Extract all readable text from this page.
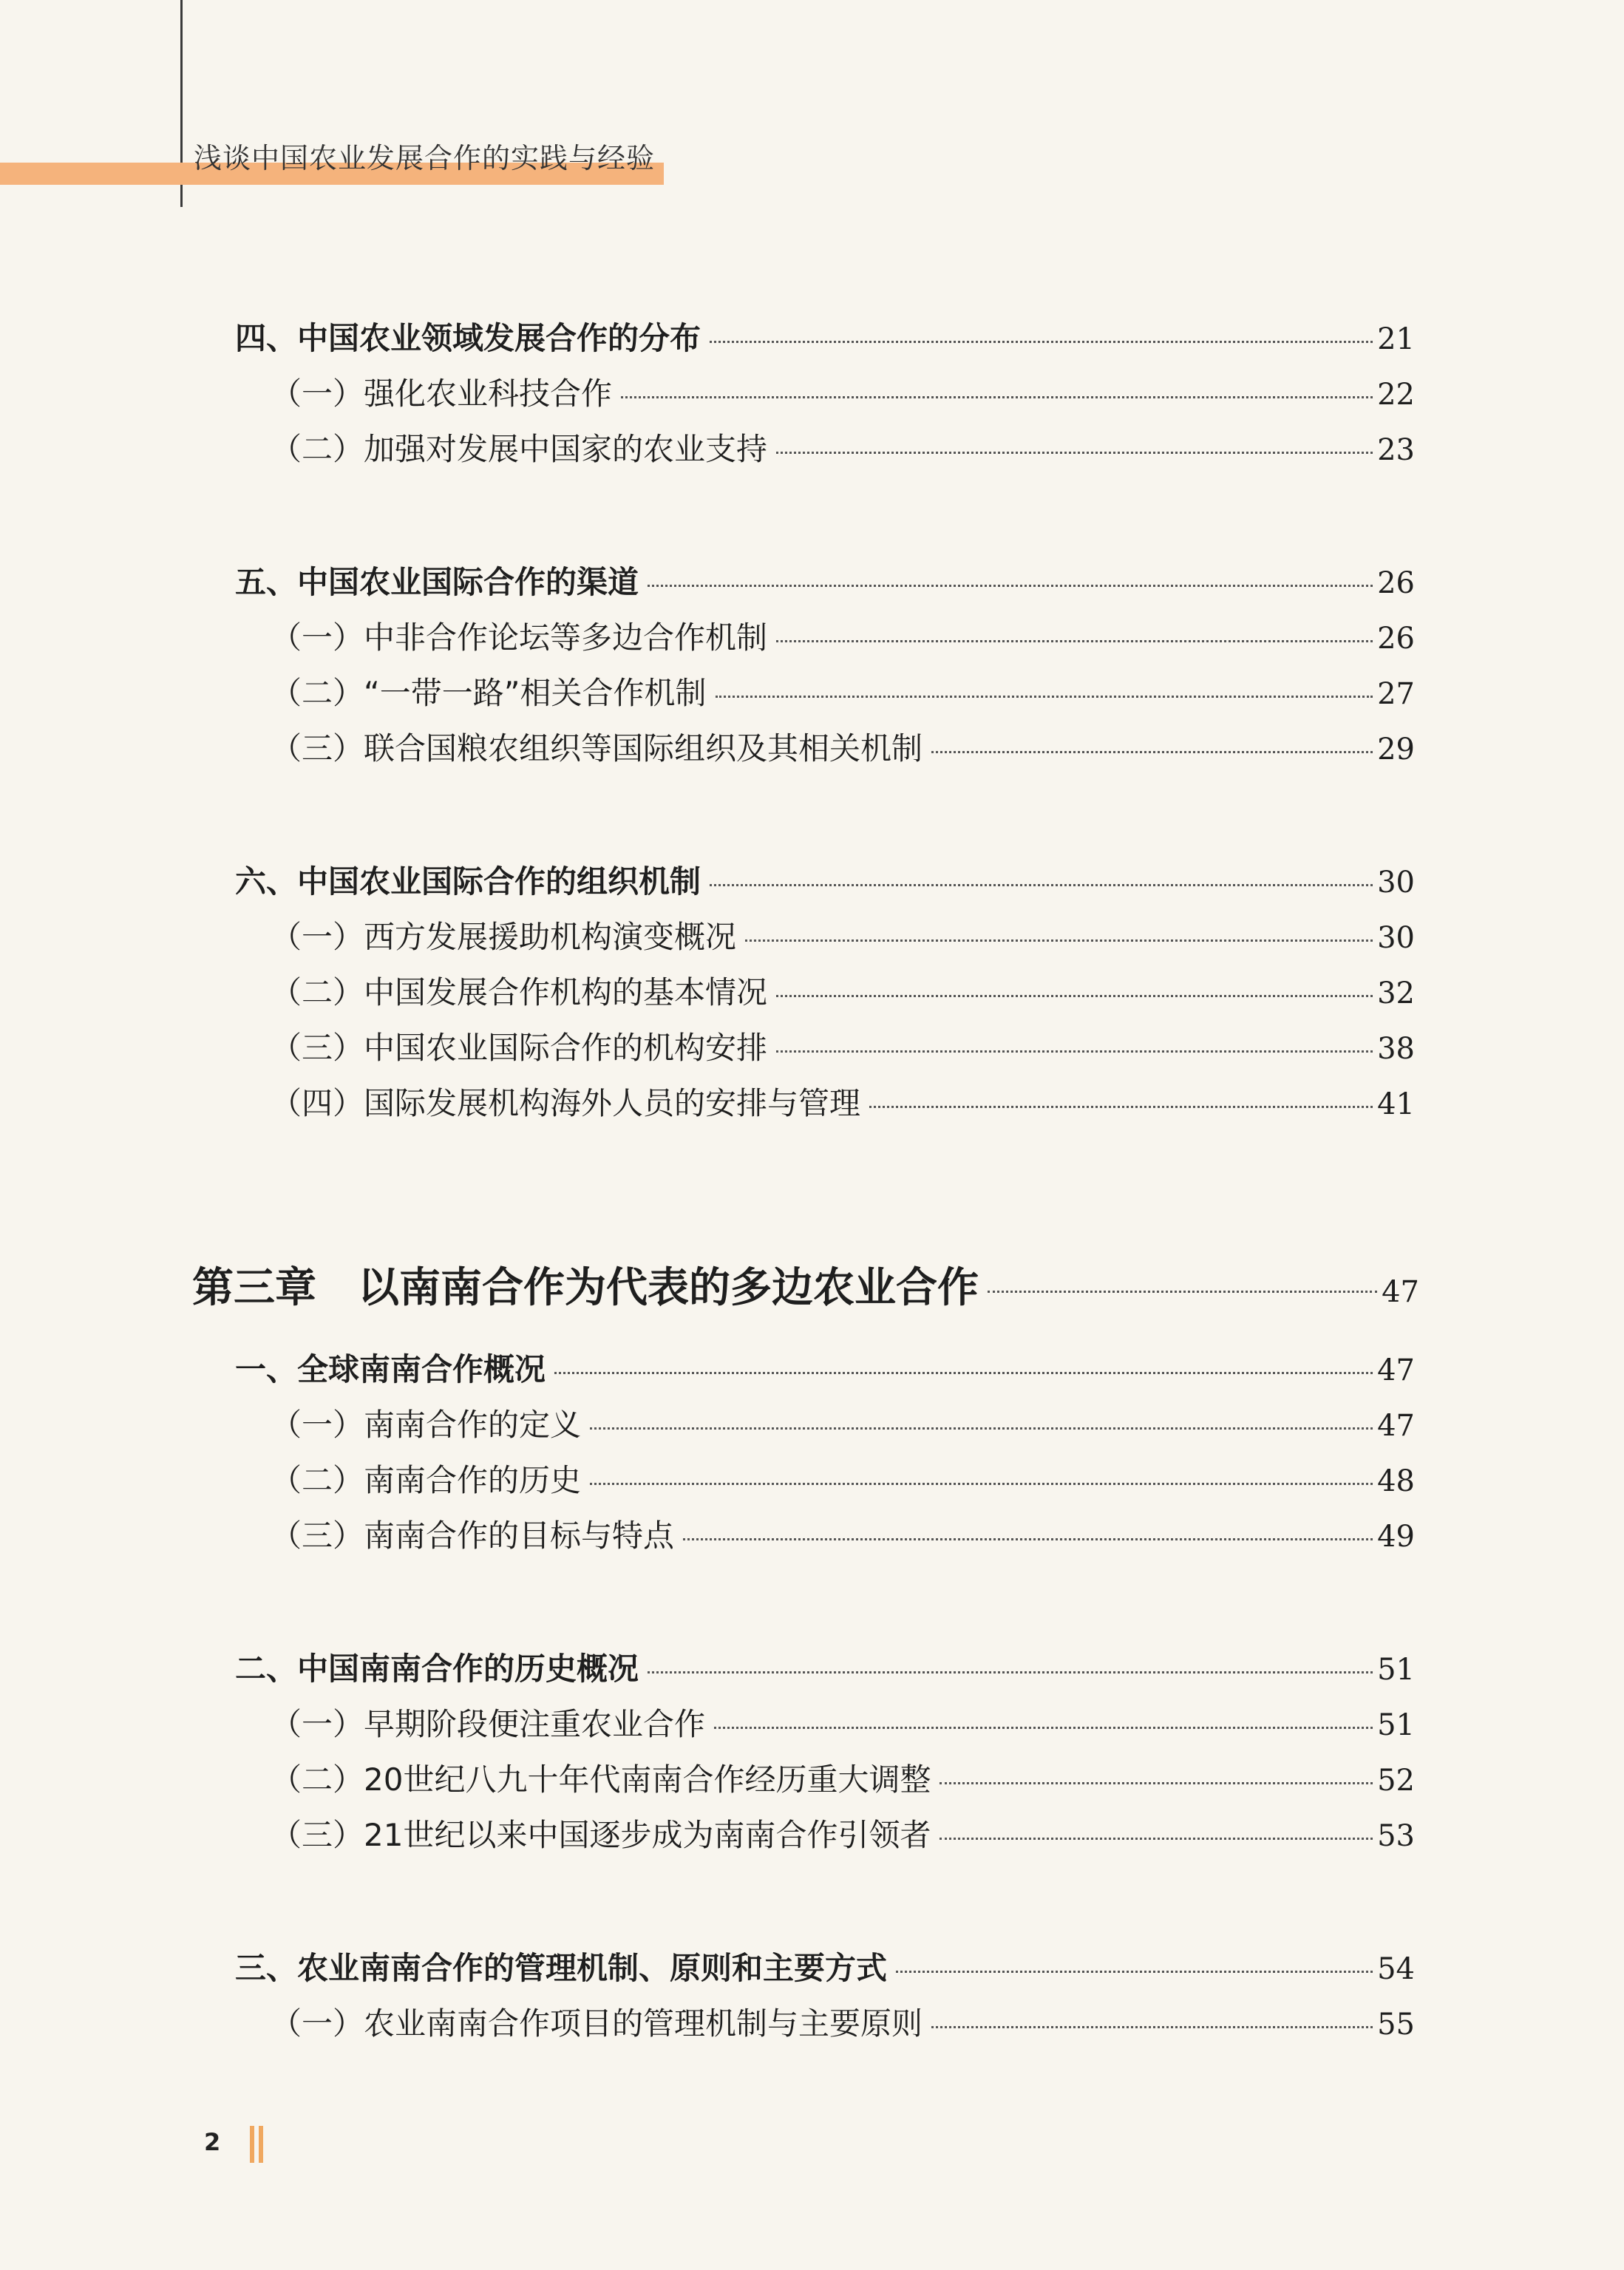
浅谈中国农业发展合作的实践与经验
四、中国农业领域发展合作的分布	21
（一）强化农业科技合作	22
（二）加强对发展中国家的农业支持	23
五、中国农业国际合作的渠道	26
（一）中非合作论坛等多边合作机制	26
（二）“一带一路”相关合作机制	27
（三）联合国粮农组织等国际组织及其相关机制	29
六、中国农业国际合作的组织机制	30
（一）西方发展援助机构演变概况	30
（二）中国发展合作机构的基本情况	32
（三）中国农业国际合作的机构安排	38
（四）国际发展机构海外人员的安排与管理	41
第三章　以南南合作为代表的多边农业合作	47
一、全球南南合作概况	47
（一）南南合作的定义	47
（二）南南合作的历史	48
（三）南南合作的目标与特点	49
二、中国南南合作的历史概况	51
（一）早期阶段便注重农业合作	51
（二）20世纪八九十年代南南合作经历重大调整	52
（三）21世纪以来中国逐步成为南南合作引领者	53
三、农业南南合作的管理机制、原则和主要方式	54
（一）农业南南合作项目的管理机制与主要原则	55
2
